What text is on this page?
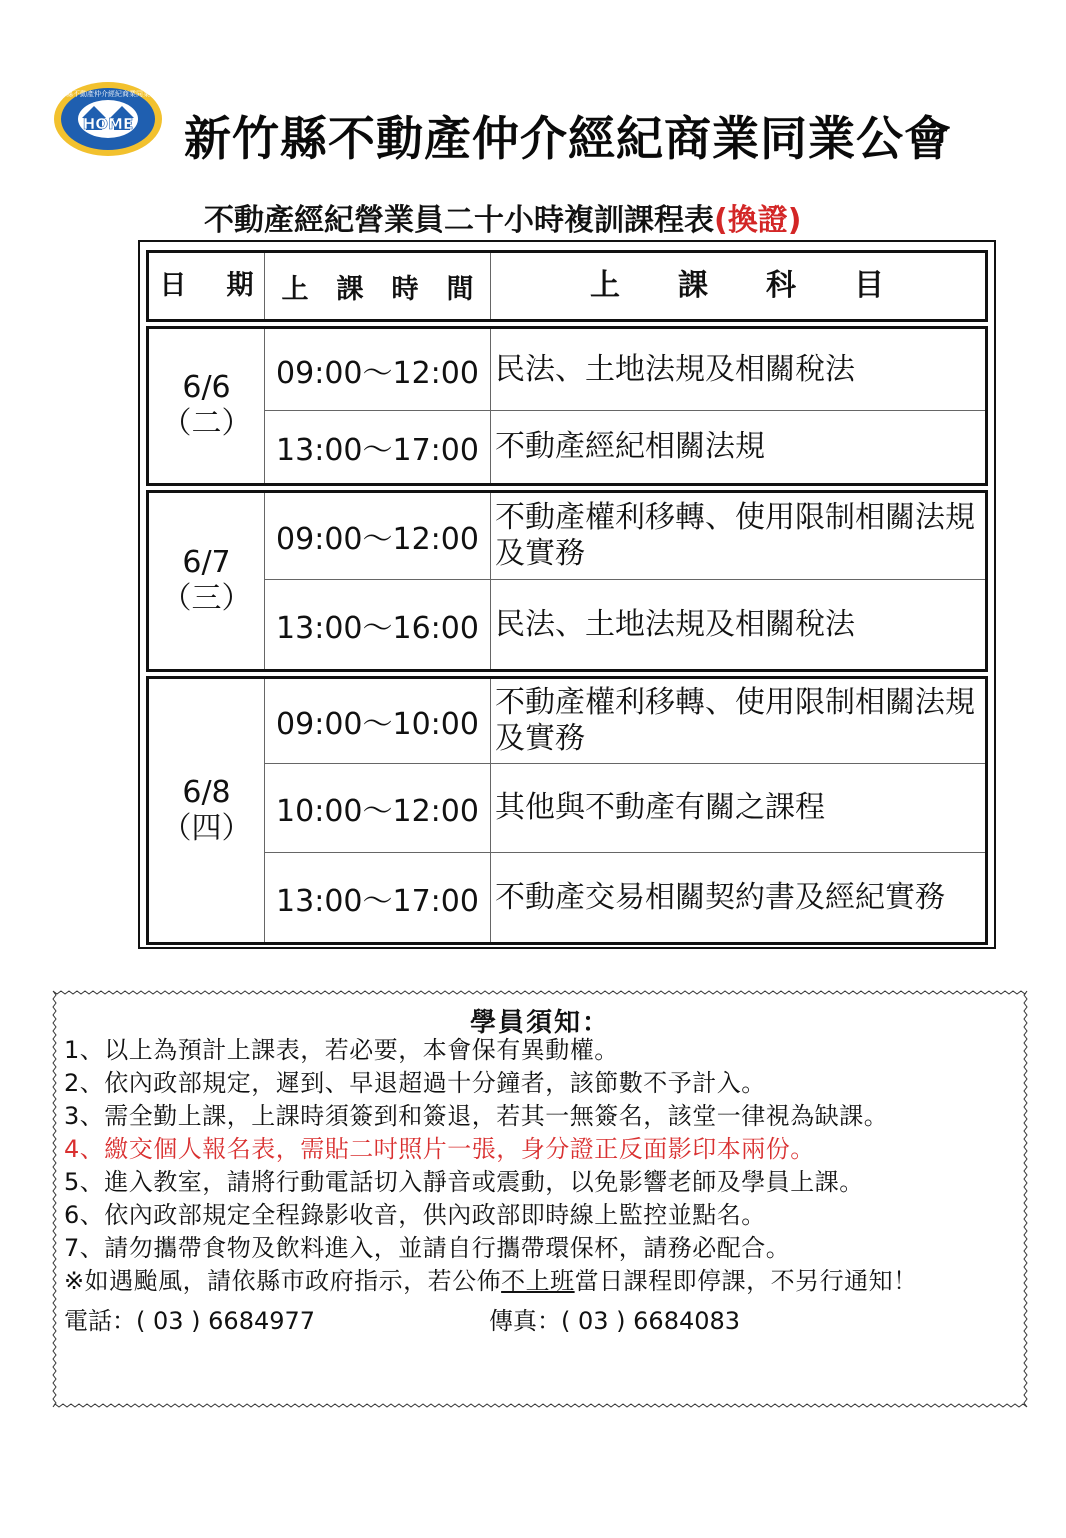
HOME
新竹縣不動產仲介經紀商業同業公會
新竹縣不動產仲介經紀商業同業公會
不動產經紀營業員二十小時複訓課程表(換證)
日期
上課時間	上課科目
6/6
（二）
09:00～12:00 民法、土地法規及相關稅法
13:00～17:00 不動產經紀相關法規
6/7
（三）
09:00～12:00
不動產權利移轉、使用限制相關法規及實務
13:00～16:00 民法、土地法規及相關稅法
6/8
（四）
09:00～10:00
不動產權利移轉、使用限制相關法規及實務
10:00～12:00 其他與不動產有關之課程
13:00～17:00 不動產交易相關契約書及經紀實務
學員須知：
1、以上為預計上課表，若必要，本會保有異動權。
2、依內政部規定，遲到、早退超過十分鐘者，該節數不予計入。
3、需全勤上課，上課時須簽到和簽退，若其一無簽名，該堂一律視為缺課。
4、繳交個人報名表，需貼二吋照片一張，身分證正反面影印本兩份。
5、進入教室，請將行動電話切入靜音或震動，以免影響老師及學員上課。
6、依內政部規定全程錄影收音，供內政部即時線上監控並點名。
7、請勿攜帶食物及飲料進入，並請自行攜帶環保杯，請務必配合。
※如遇颱風，請依縣市政府指示，若公佈不上班當日課程即停課，不另行通知！
電話：( 03 ) 6684977	傳真：( 03 ) 6684083
